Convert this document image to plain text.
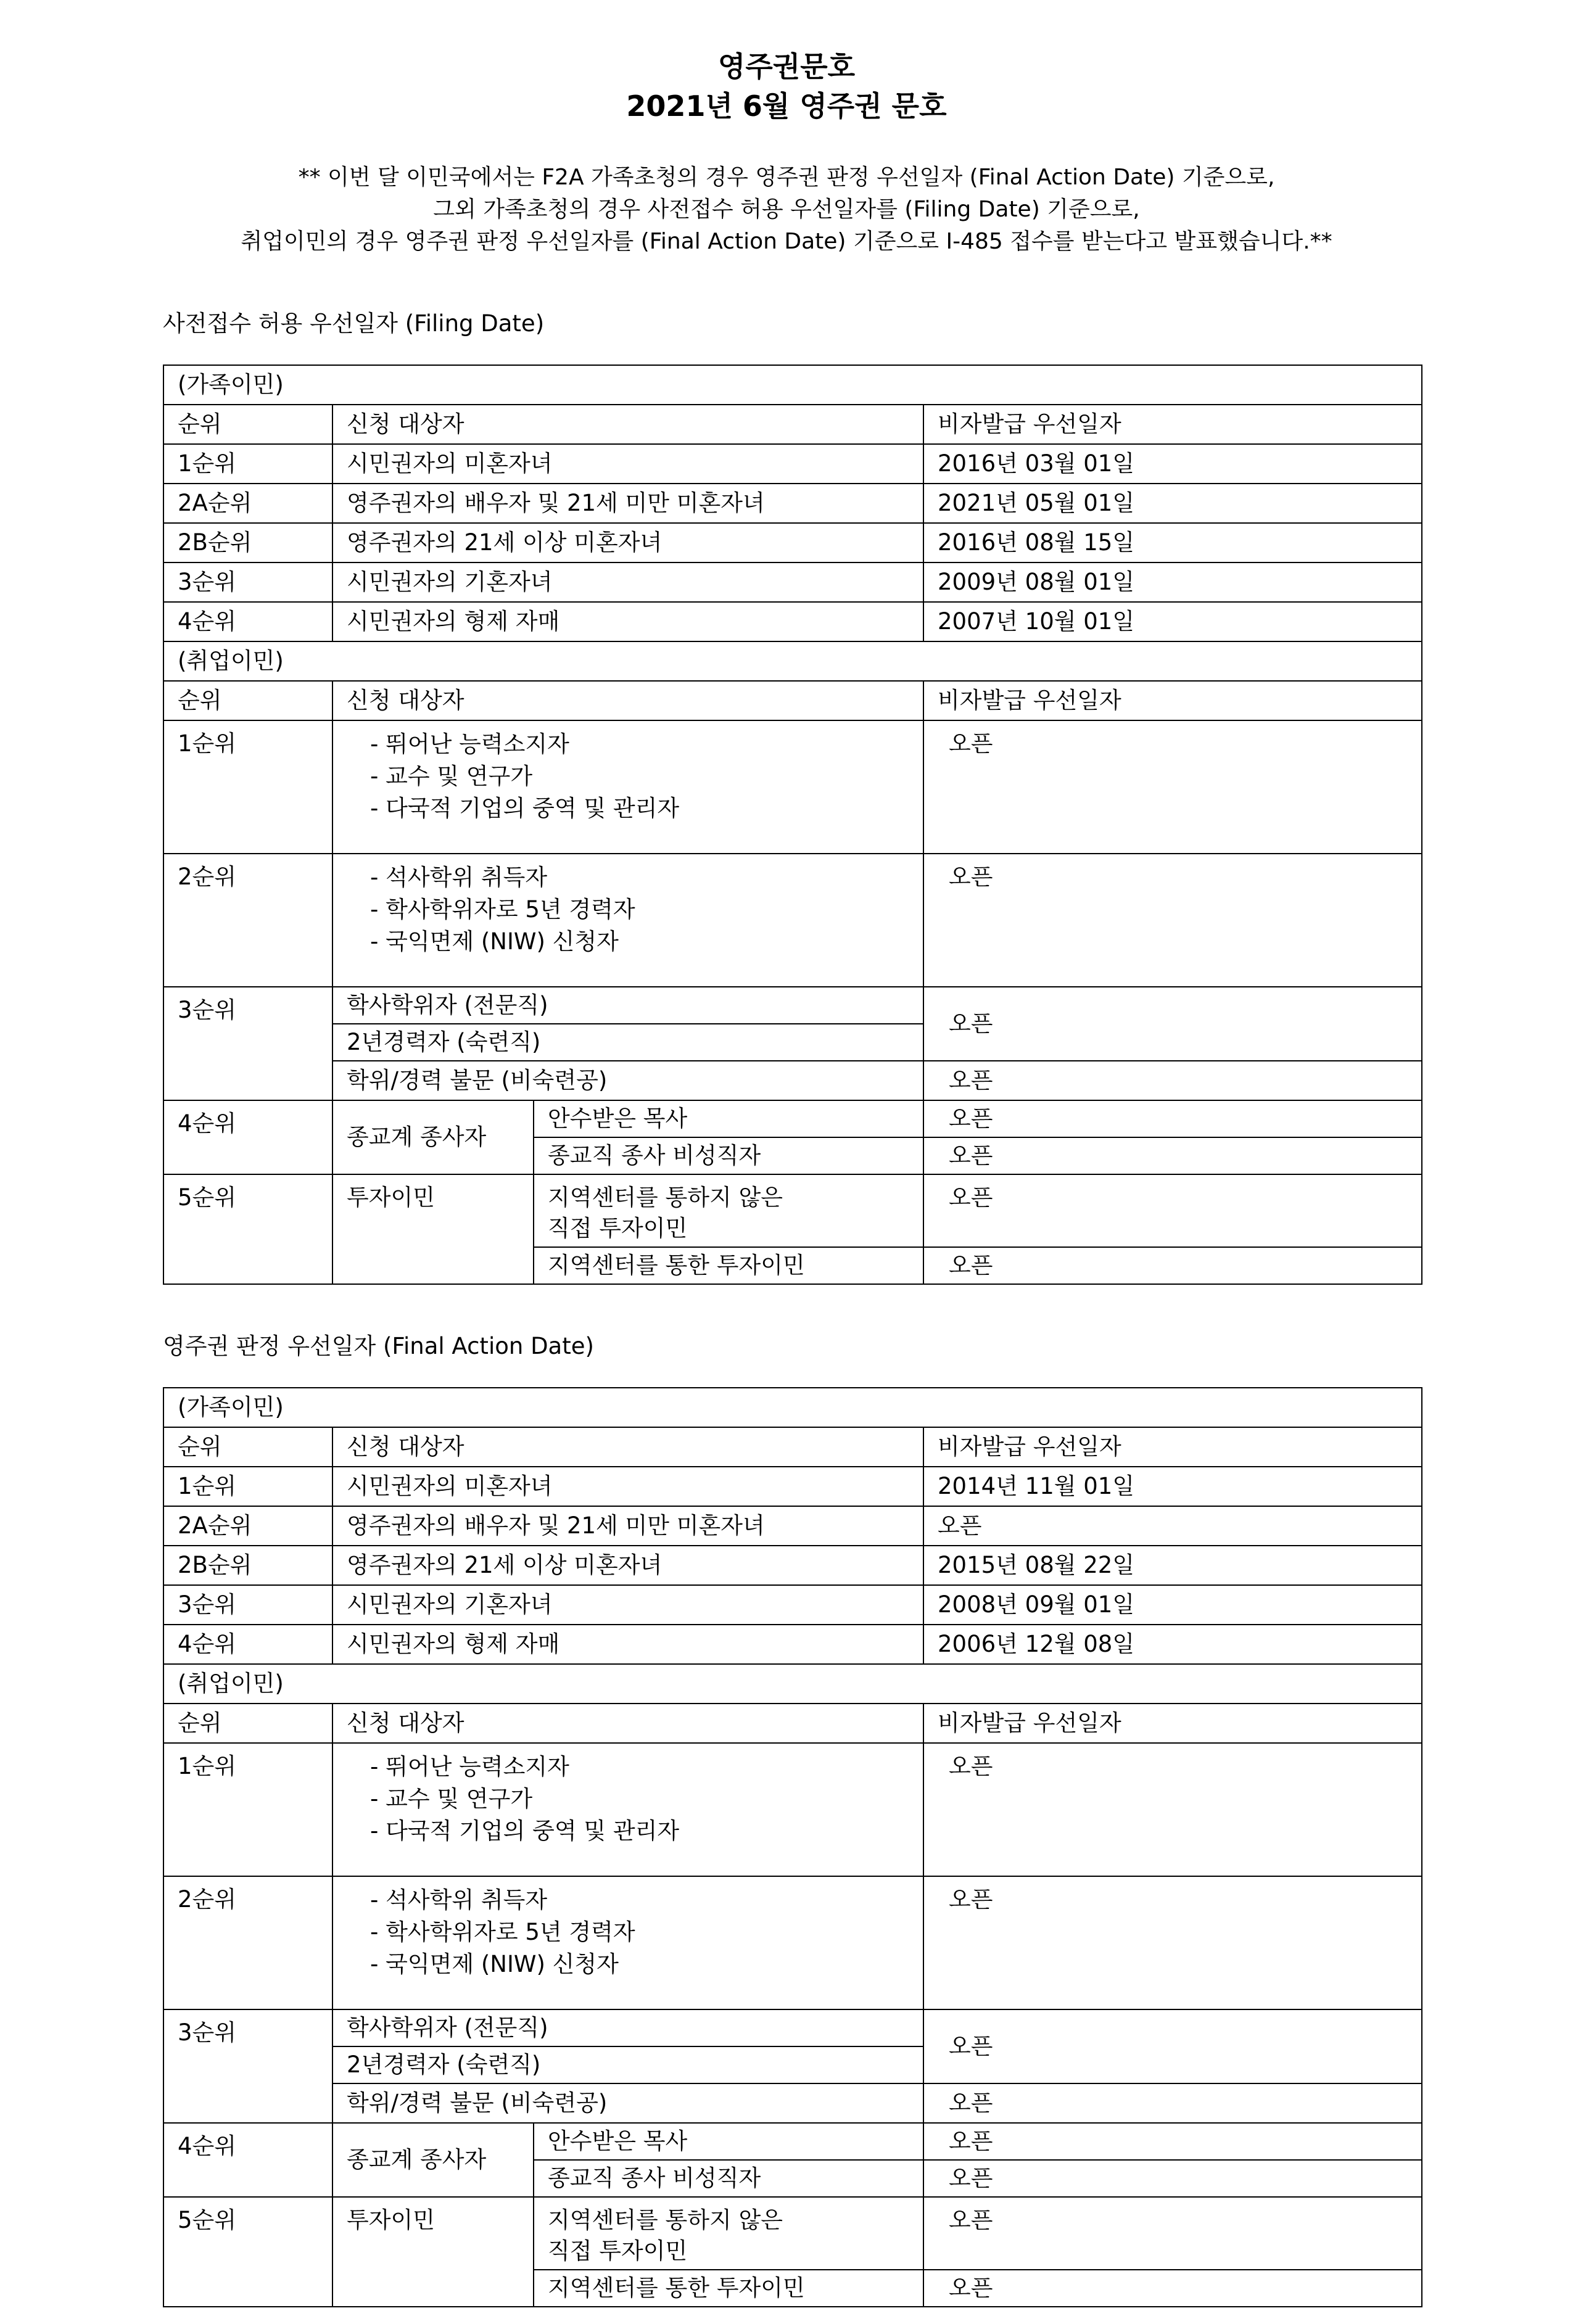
영주권문호
2021년 6월 영주권 문호
** 이번 달 이민국에서는 F2A 가족초청의 경우 영주권 판정 우선일자 (Final Action Date) 기준으로,
그외 가족초청의 경우 사전접수 허용 우선일자를 (Filing Date) 기준으로,
취업이민의 경우 영주권 판정 우선일자를 (Final Action Date) 기준으로 I-485 접수를 받는다고 발표했습니다.**
사전접수 허용 우선일자 (Filing Date)
(가족이민)			
순위	신청 대상자		비자발급 우선일자
1순위	시민권자의 미혼자녀		2016년 03월 01일
2A순위	영주권자의 배우자 및 21세 미만 미혼자녀		2021년 05월 01일
2B순위	영주권자의 21세 이상 미혼자녀		2016년 08월 15일
3순위	시민권자의 기혼자녀		2009년 08월 01일
4순위	시민권자의 형제 자매		2007년 10월 01일
(취업이민)			
순위	신청 대상자		비자발급 우선일자
1순위	- 뛰어난 능력소지자
- 교수 및 연구가
- 다국적 기업의 중역 및 관리자		오픈
2순위	- 석사학위 취득자
- 학사학위자로 5년 경력자
- 국익면제 (NIW) 신청자		오픈
3순위	학사학위자 (전문직)		오픈
	2년경력자 (숙련직)		
	학위/경력 불문 (비숙련공)		오픈
4순위	종교계 종사자	안수받은 목사	오픈
		종교직 종사 비성직자	오픈
5순위	투자이민	지역센터를 통하지 않은
직접 투자이민	오픈
		지역센터를 통한 투자이민	오픈
영주권 판정 우선일자 (Final Action Date)
(가족이민)			
순위	신청 대상자		비자발급 우선일자
1순위	시민권자의 미혼자녀		2014년 11월 01일
2A순위	영주권자의 배우자 및 21세 미만 미혼자녀		오픈
2B순위	영주권자의 21세 이상 미혼자녀		2015년 08월 22일
3순위	시민권자의 기혼자녀		2008년 09월 01일
4순위	시민권자의 형제 자매		2006년 12월 08일
(취업이민)			
순위	신청 대상자		비자발급 우선일자
1순위	- 뛰어난 능력소지자
- 교수 및 연구가
- 다국적 기업의 중역 및 관리자		오픈
2순위	- 석사학위 취득자
- 학사학위자로 5년 경력자
- 국익면제 (NIW) 신청자		오픈
3순위	학사학위자 (전문직)		오픈
	2년경력자 (숙련직)		
	학위/경력 불문 (비숙련공)		오픈
4순위	종교계 종사자	안수받은 목사	오픈
		종교직 종사 비성직자	오픈
5순위	투자이민	지역센터를 통하지 않은
직접 투자이민	오픈
		지역센터를 통한 투자이민	오픈
